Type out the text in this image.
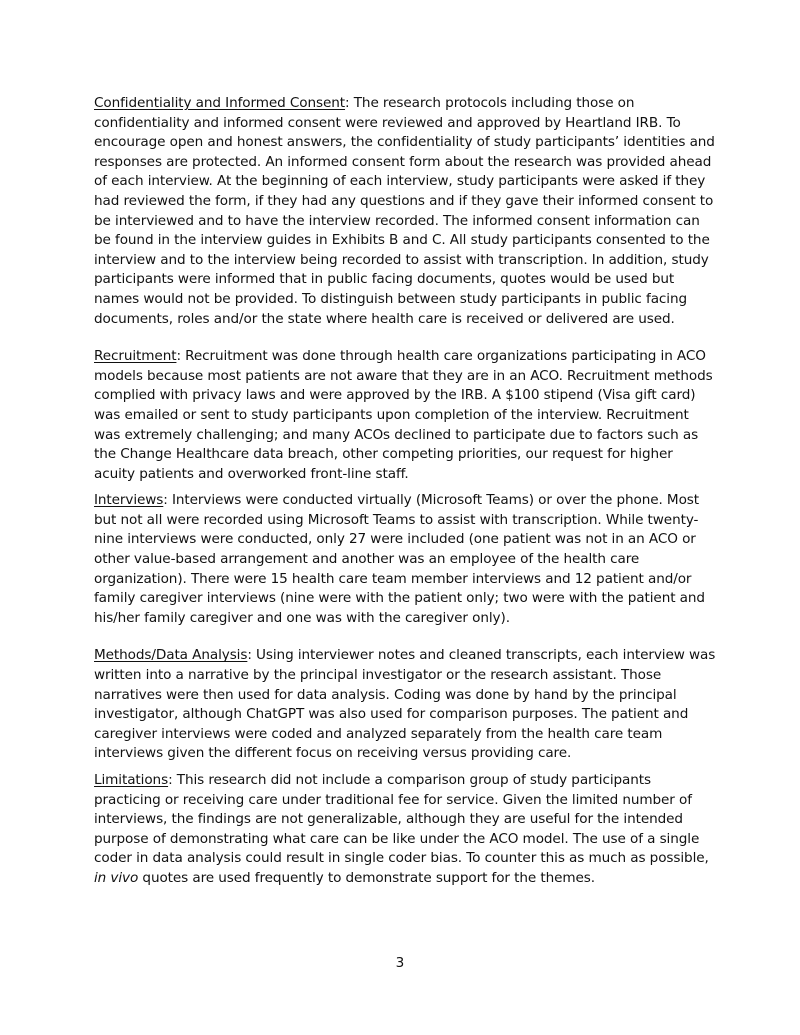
Confidentiality and Informed Consent: The research protocols including those on confidentiality and informed consent were reviewed and approved by Heartland IRB. To encourage open and honest answers, the confidentiality of study participants’ identities and responses are protected. An informed consent form about the research was provided ahead of each interview. At the beginning of each interview, study participants were asked if they had reviewed the form, if they had any questions and if they gave their informed consent to be interviewed and to have the interview recorded. The informed consent information can be found in the interview guides in Exhibits B and C. All study participants consented to the interview and to the interview being recorded to assist with transcription. In addition, study participants were informed that in public facing documents, quotes would be used but names would not be provided. To distinguish between study participants in public facing documents, roles and/or the state where health care is received or delivered are used.

Recruitment: Recruitment was done through health care organizations participating in ACO models because most patients are not aware that they are in an ACO. Recruitment methods complied with privacy laws and were approved by the IRB. A $100 stipend (Visa gift card) was emailed or sent to study participants upon completion of the interview. Recruitment was extremely challenging; and many ACOs declined to participate due to factors such as the Change Healthcare data breach, other competing priorities, our request for higher acuity patients and overworked front-line staff.

Interviews: Interviews were conducted virtually (Microsoft Teams) or over the phone. Most but not all were recorded using Microsoft Teams to assist with transcription. While twenty-nine interviews were conducted, only 27 were included (one patient was not in an ACO or other value-based arrangement and another was an employee of the health care organization). There were 15 health care team member interviews and 12 patient and/or family caregiver interviews (nine were with the patient only; two were with the patient and his/her family caregiver and one was with the caregiver only).

Methods/Data Analysis: Using interviewer notes and cleaned transcripts, each interview was written into a narrative by the principal investigator or the research assistant. Those narratives were then used for data analysis. Coding was done by hand by the principal investigator, although ChatGPT was also used for comparison purposes. The patient and caregiver interviews were coded and analyzed separately from the health care team interviews given the different focus on receiving versus providing care.

Limitations: This research did not include a comparison group of study participants practicing or receiving care under traditional fee for service. Given the limited number of interviews, the findings are not generalizable, although they are useful for the intended purpose of demonstrating what care can be like under the ACO model. The use of a single coder in data analysis could result in single coder bias. To counter this as much as possible, in vivo quotes are used frequently to demonstrate support for the themes.

3
